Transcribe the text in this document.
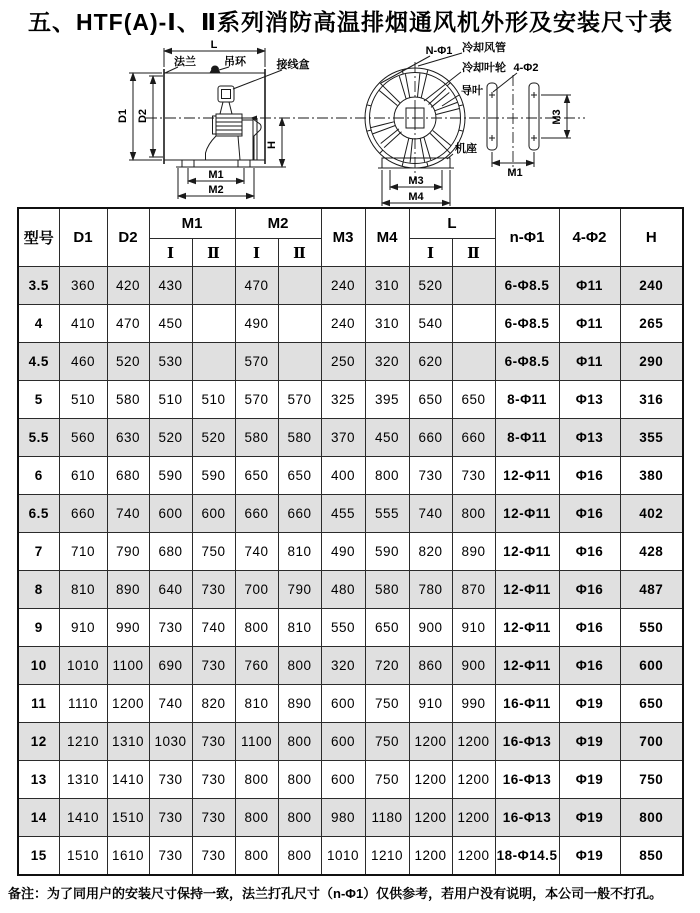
五、HTF(A)-Ⅰ、Ⅱ系列消防高温排烟通风机外形及安装尺寸表
L
法兰	吊环	接线盒
D1 D2
H
M1
M2
N-Φ1 冷却风管
冷却叶轮 4-Φ2
导叶
机座
M3
M1
M3
M4
型号	D1	D2	M1		M2		M3	M4	L		n-Φ1	4-Φ2	H
			Ⅰ	Ⅱ	Ⅰ	Ⅱ			Ⅰ	Ⅱ			
3.5	360	420	430		470		240	310	520		6-Φ8.5	Φ11	240
4	410	470	450		490		240	310	540		6-Φ8.5	Φ11	265
4.5	460	520	530		570		250	320	620		6-Φ8.5	Φ11	290
5	510	580	510	510	570	570	325	395	650	650	8-Φ11	Φ13	316
5.5	560	630	520	520	580	580	370	450	660	660	8-Φ11	Φ13	355
6	610	680	590	590	650	650	400	800	730	730	12-Φ11	Φ16	380
6.5	660	740	600	600	660	660	455	555	740	800	12-Φ11	Φ16	402
7	710	790	680	750	740	810	490	590	820	890	12-Φ11	Φ16	428
8	810	890	640	730	700	790	480	580	780	870	12-Φ11	Φ16	487
9	910	990	730	740	800	810	550	650	900	910	12-Φ11	Φ16	550
10	1010	1100	690	730	760	800	320	720	860	900	12-Φ11	Φ16	600
11	1110	1200	740	820	810	890	600	750	910	990	16-Φ11	Φ19	650
12	1210	1310	1030	730	1100	800	600	750	1200	1200	16-Φ13	Φ19	700
13	1310	1410	730	730	800	800	600	750	1200	1200	16-Φ13	Φ19	750
14	1410	1510	730	730	800	800	980	1180	1200	1200	16-Φ13	Φ19	800
15	1510	1610	730	730	800	800	1010	1210	1200	1200	18-Φ14.5	Φ19	850
备注：为了同用户的安装尺寸保持一致，法兰打孔尺寸（n-Φ1）仅供参考，若用户没有说明，本公司一般不打孔。
